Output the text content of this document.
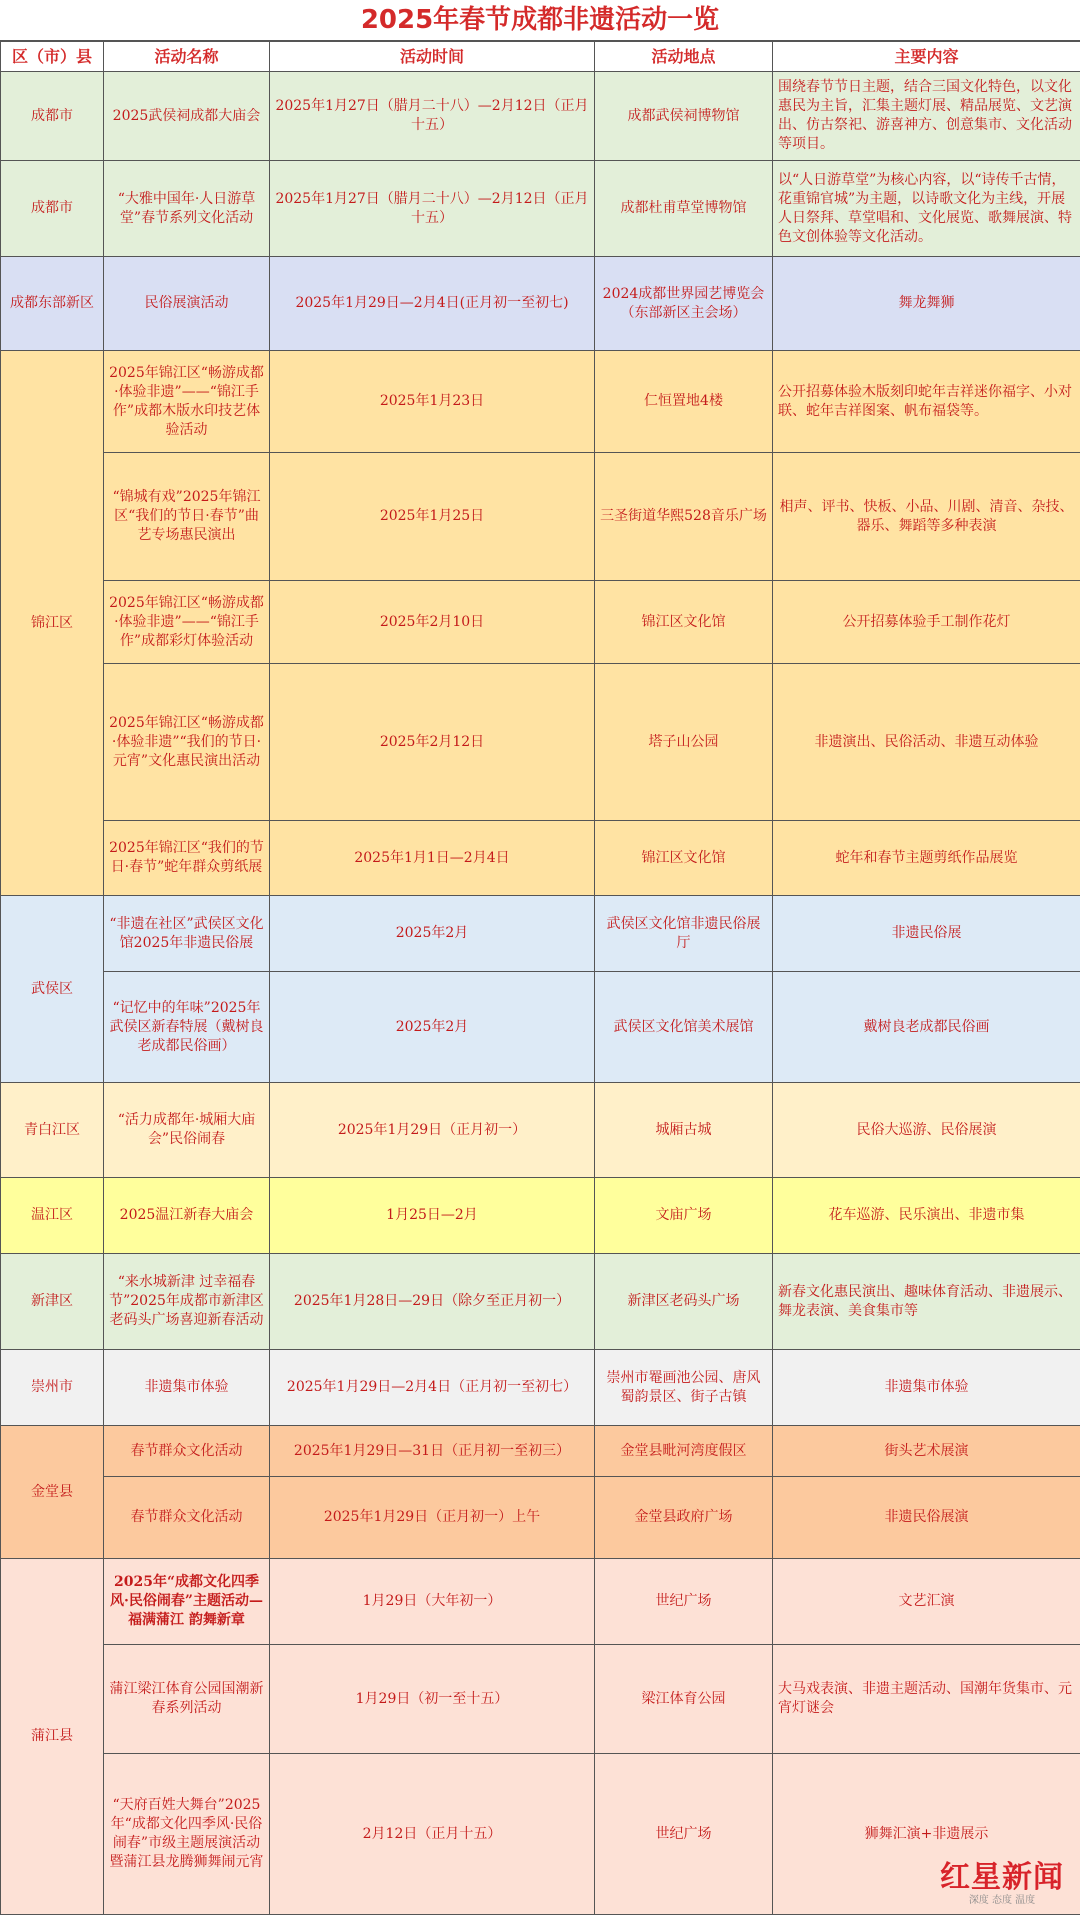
2025年春节成都非遗活动一览
区（市）县	活动名称	活动时间	活动地点	主要内容
成都市	2025武侯祠成都大庙会	2025年1月27日（腊月二十八）—2月12日（正月十五）	成都武侯祠博物馆	围绕春节节日主题，结合三国文化特色，以文化惠民为主旨，汇集主题灯展、精品展览、文艺演出、仿古祭祀、游喜神方、创意集市、文化活动等项目。
成都市	“大雅中国年·人日游草堂”春节系列文化活动	2025年1月27日（腊月二十八）—2月12日（正月十五）	成都杜甫草堂博物馆	以“人日游草堂”为核心内容，以“诗传千古情，花重锦官城”为主题，以诗歌文化为主线，开展人日祭拜、草堂唱和、文化展览、歌舞展演、特色文创体验等文化活动。
成都东部新区	民俗展演活动	2025年1月29日—2月4日(正月初一至初七)	2024成都世界园艺博览会（东部新区主会场）	舞龙舞狮
锦江区	2025年锦江区“畅游成都·体验非遗”——“锦江手作”成都木版水印技艺体验活动	2025年1月23日	仁恒置地4楼	公开招募体验木版刻印蛇年吉祥迷你福字、小对联、蛇年吉祥图案、帆布福袋等。
	“锦城有戏”2025年锦江区“我们的节日·春节”曲艺专场惠民演出	2025年1月25日	三圣街道华熙528音乐广场	相声、评书、快板、小品、川剧、清音、杂技、器乐、舞蹈等多种表演
	2025年锦江区“畅游成都·体验非遗”——“锦江手作”成都彩灯体验活动	2025年2月10日	锦江区文化馆	公开招募体验手工制作花灯
	2025年锦江区“畅游成都·体验非遗”“我们的节日·元宵”文化惠民演出活动	2025年2月12日	塔子山公园	非遗演出、民俗活动、非遗互动体验
	2025年锦江区“我们的节日·春节”蛇年群众剪纸展	2025年1月1日—2月4日	锦江区文化馆	蛇年和春节主题剪纸作品展览
武侯区	“非遗在社区”武侯区文化馆2025年非遗民俗展	2025年2月	武侯区文化馆非遗民俗展厅	非遗民俗展
	“记忆中的年味”2025年武侯区新春特展（戴树良老成都民俗画）	2025年2月	武侯区文化馆美术展馆	戴树良老成都民俗画
青白江区	“活力成都年·城厢大庙会”民俗闹春	2025年1月29日（正月初一）	城厢古城	民俗大巡游、民俗展演
温江区	2025温江新春大庙会	1月25日—2月	文庙广场	花车巡游、民乐演出、非遗市集
新津区	“来水城新津 过幸福春节”2025年成都市新津区老码头广场喜迎新春活动	2025年1月28日—29日（除夕至正月初一）	新津区老码头广场	新春文化惠民演出、趣味体育活动、非遗展示、舞龙表演、美食集市等
崇州市	非遗集市体验	2025年1月29日—2月4日（正月初一至初七）	崇州市罨画池公园、唐风蜀韵景区、街子古镇	非遗集市体验
金堂县	春节群众文化活动	2025年1月29日—31日（正月初一至初三）	金堂县毗河湾度假区	街头艺术展演
	春节群众文化活动	2025年1月29日（正月初一）上午	金堂县政府广场	非遗民俗展演
蒲江县	2025年“成都文化四季风·民俗闹春”主题活动—福满蒲江 韵舞新章	1月29日（大年初一）	世纪广场	文艺汇演
	蒲江梁江体育公园国潮新春系列活动	1月29日（初一至十五）	梁江体育公园	大马戏表演、非遗主题活动、国潮年货集市、元宵灯谜会
	“天府百姓大舞台”2025年“成都文化四季风·民俗闹春”市级主题展演活动暨蒲江县龙腾狮舞闹元宵	2月12日（正月十五）	世纪广场	狮舞汇演+非遗展示
红星新闻
深度 态度 温度
